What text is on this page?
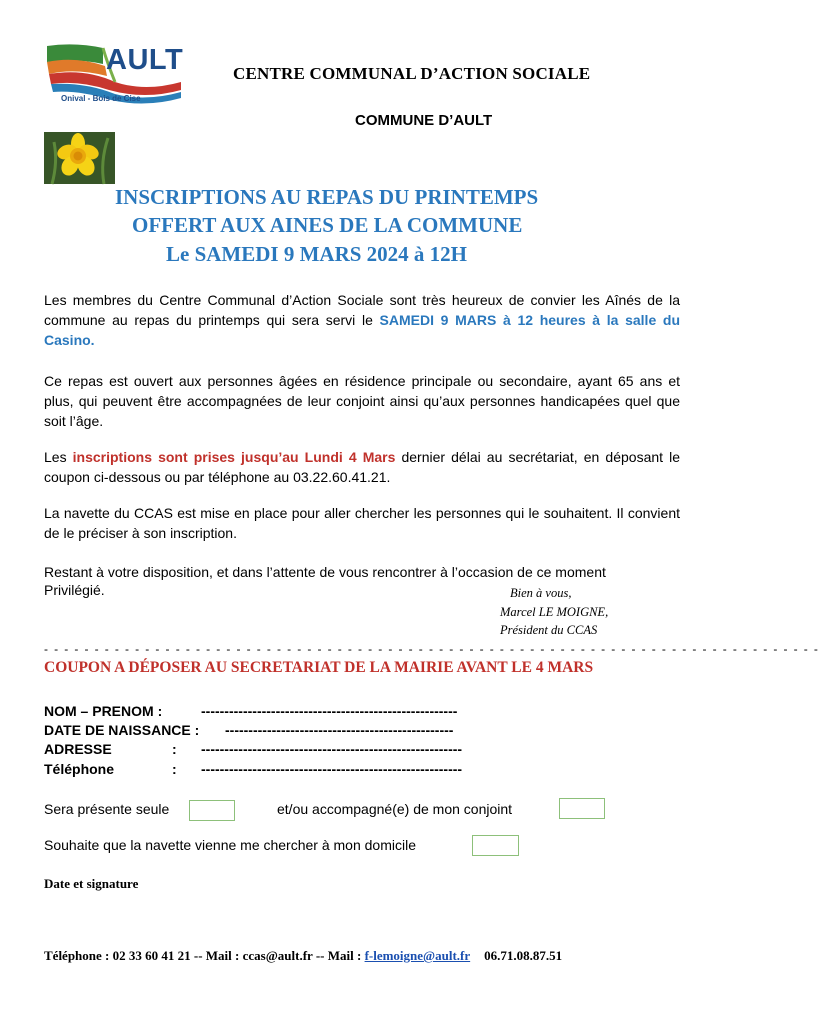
AULT
Onival - Bois de Cise
CENTRE COMMUNAL D’ACTION SOCIALE
COMMUNE D’AULT
INSCRIPTIONS AU REPAS DU PRINTEMPS
OFFERT AUX AINES DE LA COMMUNE
Le SAMEDI 9 MARS 2024 à 12H
Les membres du Centre Communal d’Action Sociale sont très heureux de convier les Aînés de la commune au repas du printemps qui sera servi le SAMEDI 9 MARS à 12 heures à la salle du Casino.
Ce repas est ouvert aux personnes âgées en résidence principale ou secondaire, ayant 65 ans et plus, qui peuvent être accompagnées de leur conjoint ainsi qu’aux personnes handicapées quel que soit l’âge.
Les inscriptions sont prises jusqu’au Lundi 4 Mars dernier délai au secrétariat, en déposant le coupon ci-dessous ou par téléphone au 03.22.60.41.21.
La navette du CCAS est mise en place pour aller chercher les personnes qui le souhaitent. Il convient de le préciser à son inscription.
Restant à votre disposition, et dans l’attente de vous rencontrer à l’occasion de ce moment
Privilégié.	Bien à vous,
Marcel LE MOIGNE,
Président du CCAS
- - - - - - - - - - - - - - - - - - - - - - - - - - - - - - - - - - - - - - - - - - - - - - - - - - - - - - - - - - - - - - - - - - - - - - - - - - - - -
COUPON A DÉPOSER AU SECRETARIAT DE LA MAIRIE AVANT LE 4 MARS
NOM – PRENOM :	-------------------------------------------------------
DATE DE NAISSANCE : -------------------------------------------------
ADRESSE	: --------------------------------------------------------
Téléphone	: --------------------------------------------------------
Sera présente seule	et/ou accompagné(e) de mon conjoint
Souhaite que la navette vienne me chercher à mon domicile
Date et signature
Téléphone : 02 33 60 41 21 -- Mail : ccas@ault.fr -- Mail : f-lemoigne@ault.fr 06.71.08.87.51
